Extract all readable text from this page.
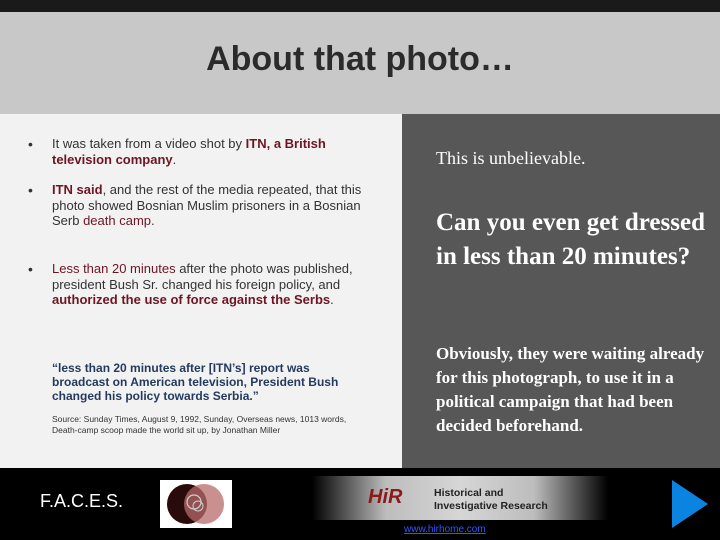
About that photo…
• It was taken from a video shot by ITN, a British television company.

• ITN said, and the rest of the media repeated, that this photo showed Bosnian Muslim prisoners in a Bosnian Serb death camp.

• Less than 20 minutes after the photo was published, president Bush Sr. changed his foreign policy, and authorized the use of force against the Serbs.

“less than 20 minutes after [ITN’s] report was broadcast on American television, President Bush changed his policy towards Serbia.”

Source: Sunday Times, August 9, 1992, Sunday, Overseas news, 1013 words, Death-camp scoop made the world sit up, by Jonathan Miller

This is unbelievable.

Can you even get dressed in less than 20 minutes?

Obviously, they were waiting already for this photograph, to use it in a political campaign that had been decided beforehand.

F.A.C.E.S.	HiR	Historical and
Investigative Research
www.hirhome.com
